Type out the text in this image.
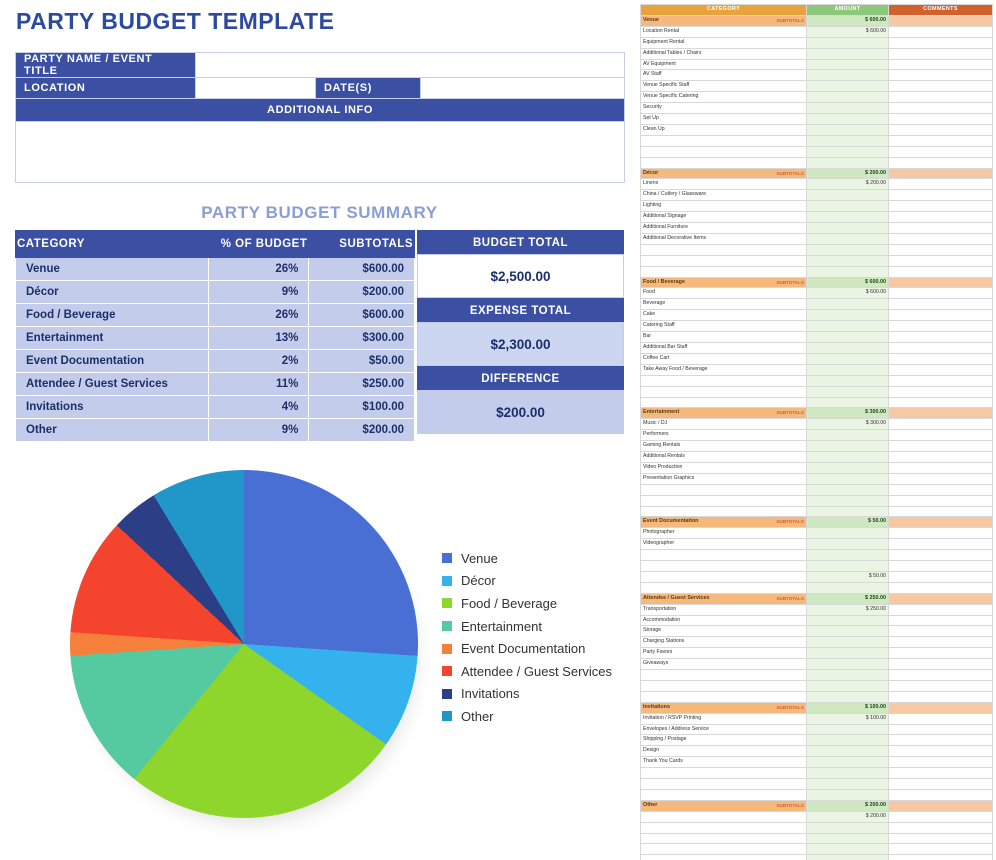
PARTY BUDGET TEMPLATE
PARTY NAME / EVENT TITLE			
LOCATION		DATE(S)	
ADDITIONAL INFO			

PARTY BUDGET SUMMARY
CATEGORY	% OF BUDGET	SUBTOTALS
Venue	26%	$600.00
Décor	9%	$200.00
Food / Beverage	26%	$600.00
Entertainment	13%	$300.00
Event Documentation	2%	$50.00
Attendee / Guest Services	11%	$250.00
Invitations	4%	$100.00
Other	9%	$200.00
BUDGET TOTAL
$2,500.00
EXPENSE TOTAL
$2,300.00
DIFFERENCE
$200.00
Venue
Décor
Food / Beverage
Entertainment
Event Documentation
Attendee / Guest Services
Invitations
Other
CATEGORY	AMOUNT	COMMENTS

Venue SUBTOTALS	$ 600.00	
Location Rental	$ 600.00	
Equipment Rental		
Additional Tables / Chairs		
AV Equipment		
AV Staff		
Venue Specific Staff		
Venue Specific Catering		
Security		
Set Up		
Clean Up		

Décor SUBTOTALS	$ 200.00	
Linens	$ 200.00	
China / Cutlery / Glassware		
Lighting		
Additional Signage		
Additional Furniture		
Additional Decorative Items		

Food / Beverage SUBTOTALS	$ 600.00	
Food	$ 600.00	
Beverage		
Cake		
Catering Staff		
Bar		
Additional Bar Staff		
Coffee Cart		
Take Away Food / Beverage		

Entertainment SUBTOTALS	$ 300.00	
Music / DJ	$ 300.00	
Performers		
Gaming Rentals		
Additional Rentals		
Video Production		
Presentation Graphics		

Event Documentation SUBTOTALS	$ 50.00	
Photographer		
Videographer		

	$ 50.00	

Attendee / Guest Services SUBTOTALS	$ 250.00	
Transportation	$ 250.00	
Accommodation		
Storage		
Charging Stations		
Party Favors		
Giveaways		

Invitations SUBTOTALS	$ 100.00	
Invitation / RSVP Printing	$ 100.00	
Envelopes / Address Service		
Shipping / Postage		
Design		
Thank You Cards		

Other SUBTOTALS	$ 200.00	
	$ 200.00	
